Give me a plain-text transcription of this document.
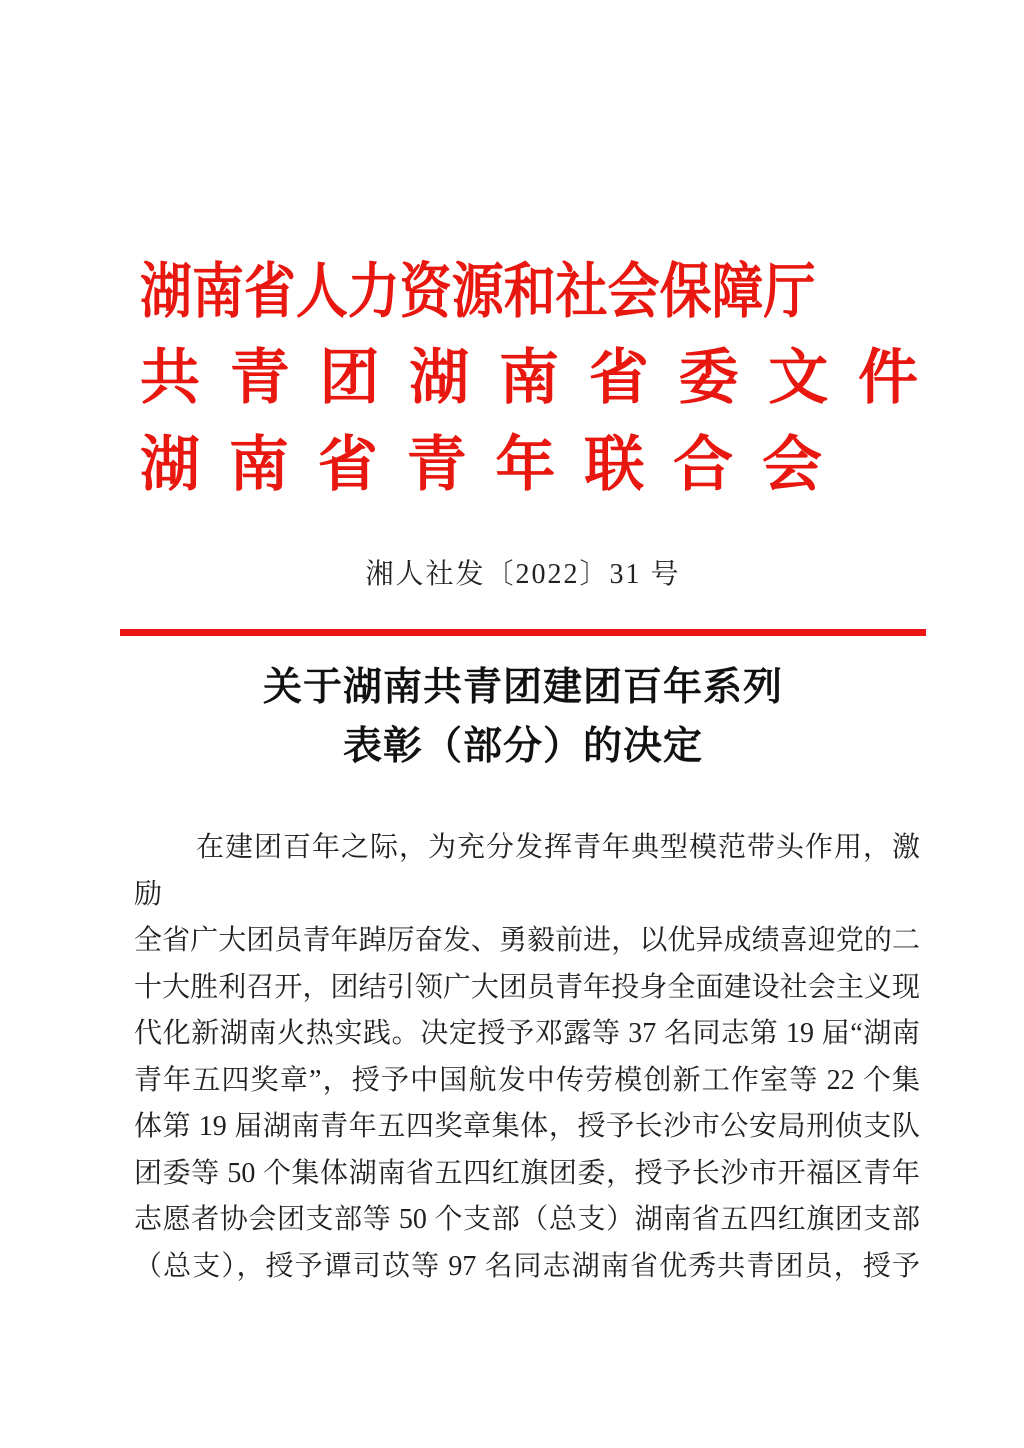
湖南省人力资源和社会保障厅
共青团湖南省委文件
湖南省青年联合会
湘人社发〔2022〕31 号
关于湖南共青团建团百年系列
表彰（部分）的决定
在建团百年之际，为充分发挥青年典型模范带头作用，激励
全省广大团员青年踔厉奋发、勇毅前进，以优异成绩喜迎党的二
十大胜利召开，团结引领广大团员青年投身全面建设社会主义现
代化新湖南火热实践。决定授予邓露等 37 名同志第 19 届“湖南
青年五四奖章”，授予中国航发中传劳模创新工作室等 22 个集
体第 19 届湖南青年五四奖章集体，授予长沙市公安局刑侦支队
团委等 50 个集体湖南省五四红旗团委，授予长沙市开福区青年
志愿者协会团支部等 50 个支部（总支）湖南省五四红旗团支部
（总支），授予谭司苡等 97 名同志湖南省优秀共青团员，授予
